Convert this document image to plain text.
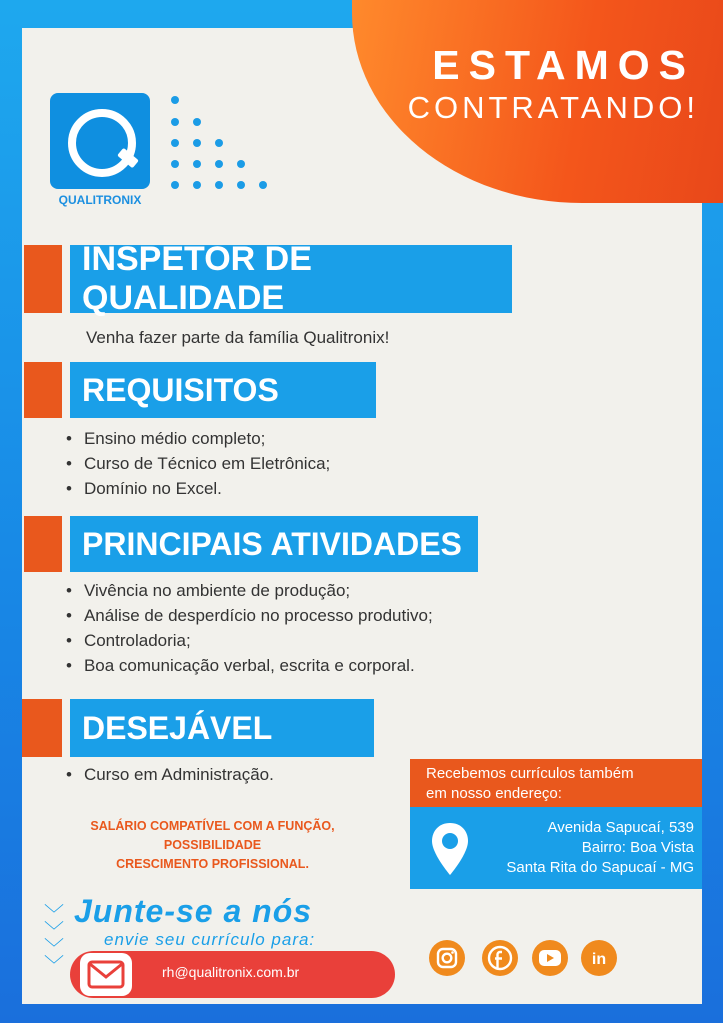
ESTAMOS
CONTRATANDO!
QUALITRONIX
INSPETOR DE QUALIDADE
Venha fazer parte da família Qualitronix!
REQUISITOS
• Ensino médio completo;
• Curso de Técnico em Eletrônica;
• Domínio no Excel.
PRINCIPAIS ATIVIDADES
• Vivência no ambiente de produção;
• Análise de desperdício no processo produtivo;
• Controladoria;
• Boa comunicação verbal, escrita e corporal.
DESEJÁVEL
• Curso em Administração.
SALÁRIO COMPATÍVEL COM A FUNÇÃO,
POSSIBILIDADE
CRESCIMENTO PROFISSIONAL.
Recebemos currículos também
em nosso endereço:
Avenida Sapucaí, 539
Bairro: Boa Vista
Santa Rita do Sapucaí - MG
﹀
﹀
﹀
﹀
Junte-se a nós
envie seu currículo para:
rh@qualitronix.com.br
in
